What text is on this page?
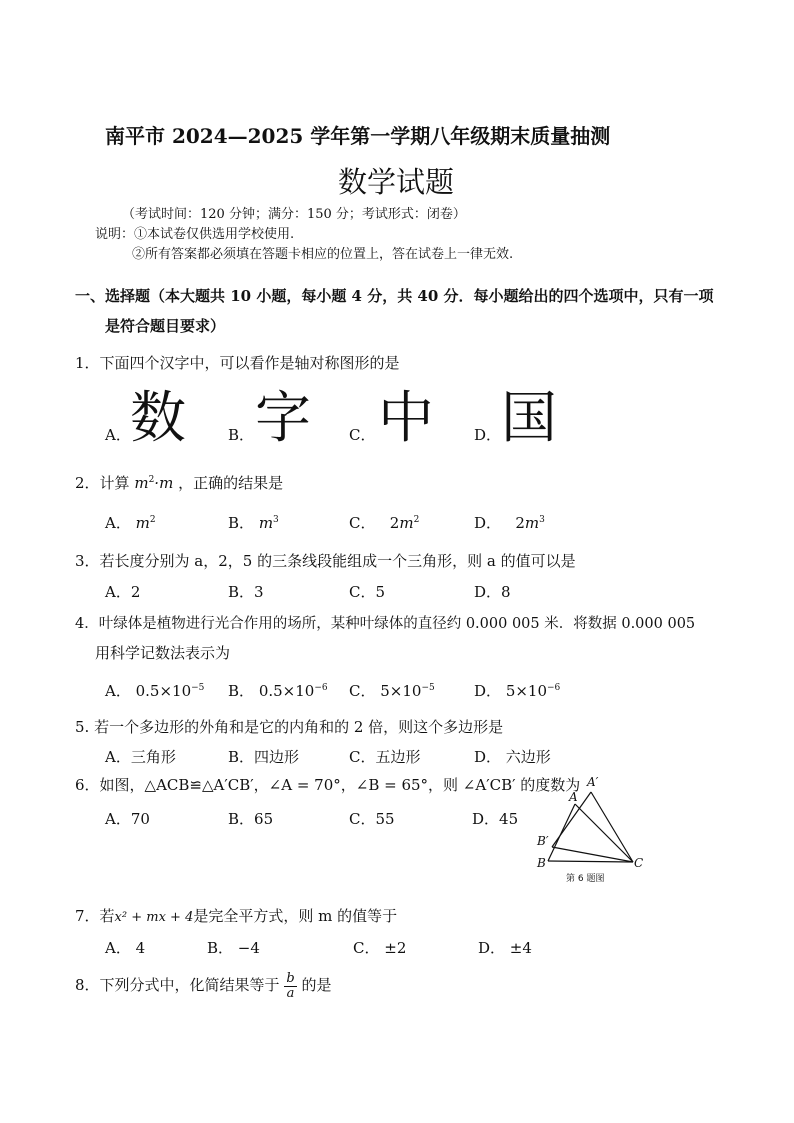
南平市 2024—2025 学年第一学期八年级期末质量抽测
数学试题
（考试时间：120 分钟；满分：150 分；考试形式：闭卷）
说明：①本试卷仅供选用学校使用.
②所有答案都必须填在答题卡相应的位置上，答在试卷上一律无效.
一、选择题（本大题共 10 小题，每小题 4 分，共 40 分．每小题给出的四个选项中，只有一项
是符合题目要求）
1．下面四个汉字中，可以看作是轴对称图形的是
A． 数	B． 字	C． 中	D． 国
2．计算 $m^2\cdot m$ ，正确的结果是
A． $m^2$	B． $m^3$	C． $2m^2$	D． $2m^3$
3．若长度分别为 a，2，5 的三条线段能组成一个三角形，则 a 的值可以是
A．2	B．3	C．5	D．8
4．叶绿体是植物进行光合作用的场所，某种叶绿体的直径约 0.000 005 米．将数据 0.000 005
用科学记数法表示为
A． $0.5\times 10^{-5}$ B． $0.5\times 10^{-6}$ C． $5\times 10^{-5}$	D． $5\times 10^{-6}$
5. 若一个多边形的外角和是它的内角和的 2 倍，则这个多边形是
A．三角形	B．四边形	C．五边形	D． 六边形
6．如图，△ACB≌△A′CB′，∠A = 70°，∠B = 65°，则 ∠A′CB′ 的度数为
A．70	B．65	C．55	D．45
A′
A
B′
B	C
第 6 题图
7．若x² + mx + 4是完全平方式，则 m 的值等于
A． 4	B． −4	C． ±2	D． ±4
8．下列分式中，化简结果等于 $\frac{b}{a}$ 的是
